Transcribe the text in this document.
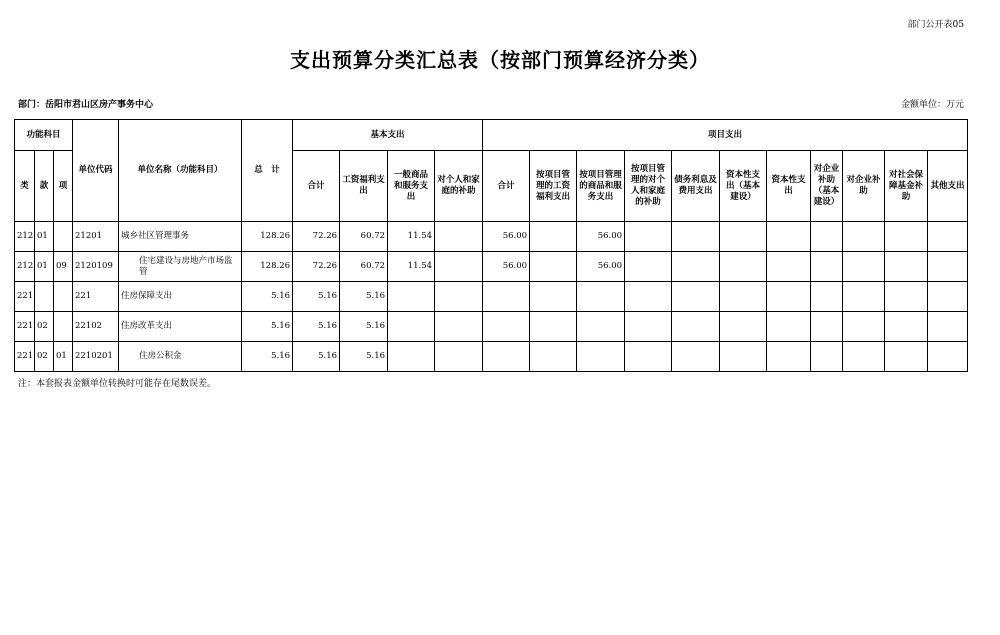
部门公开表05
支出预算分类汇总表（按部门预算经济分类）
部门：岳阳市君山区房产事务中心	金额单位：万元
功能科目			单位代码	单位名称（功能科目）	总　计	基本支出				项目支出										
类	款	项				合计	工资福利支出	一般商品和服务支出	对个人和家庭的补助	合计	按项目管理的工资福利支出	按项目管理的商品和服务支出	按项目管理的对个人和家庭的补助	债务利息及费用支出	资本性支出（基本建设）	资本性支出	对企业补助（基本建设）	对企业补助	对社会保障基金补助	其他支出
212	01		21201	城乡社区管理事务	128.26	72.26	60.72	11.54		56.00		56.00								
212	01	09	2120109	住宅建设与房地产市场监管	128.26	72.26	60.72	11.54		56.00		56.00								
221			221	住房保障支出	5.16	5.16	5.16													
221	02		22102	住房改革支出	5.16	5.16	5.16													
221	02	01	2210201	住房公积金	5.16	5.16	5.16													
注：本套报表金额单位转换时可能存在尾数误差。
